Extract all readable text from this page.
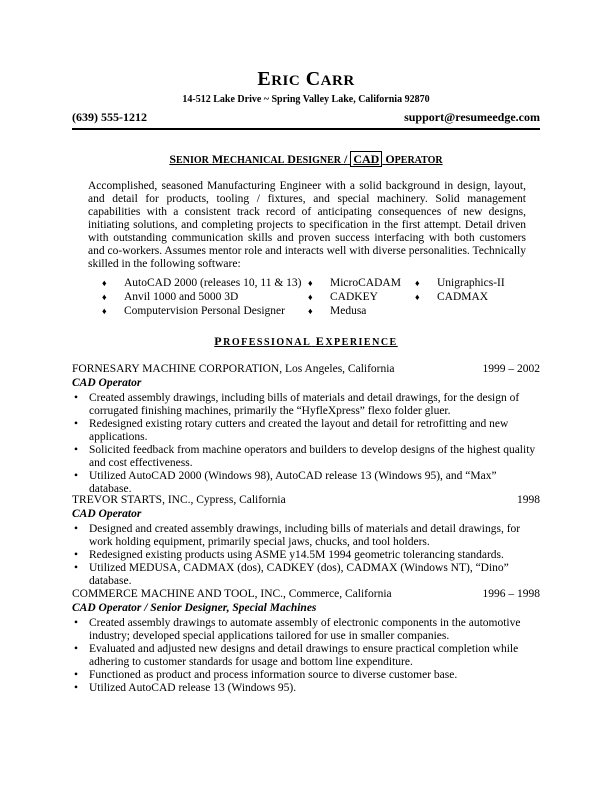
ERIC CARR
14-512 Lake Drive ~ Spring Valley Lake, California 92870
(639) 555-1212	support@resumeedge.com
SENIOR MECHANICAL DESIGNER / CAD OPERATOR
Accomplished, seasoned Manufacturing Engineer with a solid background in design, layout, and detail for products, tooling / fixtures, and special machinery. Solid management capabilities with a consistent track record of anticipating consequences of new designs, initiating solutions, and completing projects to specification in the first attempt. Detail driven with outstanding communication skills and proven success interfacing with both customers and co-workers. Assumes mentor role and interacts well with diverse personalities. Technically skilled in the following software:
♦	AutoCAD 2000 (releases 10, 11 & 13)
♦	Anvil 1000 and 5000 3D
♦	Computervision Personal Designer
♦	MicroCADAM
♦	CADKEY
♦	Medusa
♦	Unigraphics-II
♦	CADMAX
PROFESSIONAL EXPERIENCE
FORNESARY MACHINE CORPORATION, Los Angeles, California	1999 – 2002
CAD Operator
• Created assembly drawings, including bills of materials and detail drawings, for the design of corrugated finishing machines, primarily the “HyfleXpress” flexo folder gluer.
• Redesigned existing rotary cutters and created the layout and detail for retrofitting and new applications.
• Solicited feedback from machine operators and builders to develop designs of the highest quality and cost effectiveness.
• Utilized AutoCAD 2000 (Windows 98), AutoCAD release 13 (Windows 95), and “Max” database.
TREVOR STARTS, INC., Cypress, California	1998
CAD Operator
• Designed and created assembly drawings, including bills of materials and detail drawings, for work holding equipment, primarily special jaws, chucks, and tool holders.
• Redesigned existing products using ASME y14.5M 1994 geometric tolerancing standards.
• Utilized MEDUSA, CADMAX (dos), CADKEY (dos), CADMAX (Windows NT), “Dino” database.
COMMERCE MACHINE AND TOOL, INC., Commerce, California	1996 – 1998
CAD Operator / Senior Designer, Special Machines
• Created assembly drawings to automate assembly of electronic components in the automotive industry; developed special applications tailored for use in smaller companies.
• Evaluated and adjusted new designs and detail drawings to ensure practical completion while adhering to customer standards for usage and bottom line expenditure.
• Functioned as product and process information source to diverse customer base.
• Utilized AutoCAD release 13 (Windows 95).
